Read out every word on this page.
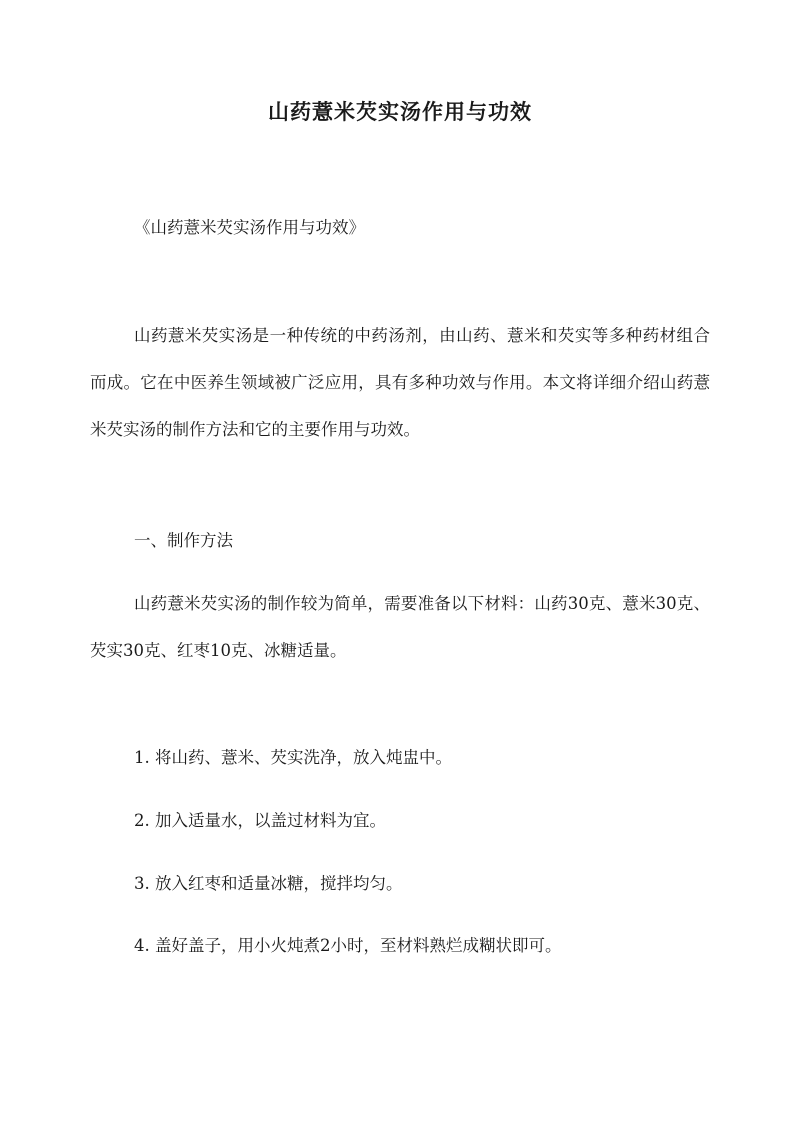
山药薏米芡实汤作用与功效
《山药薏米芡实汤作用与功效》
山药薏米芡实汤是一种传统的中药汤剂，由山药、薏米和芡实等多种药材组合而成。它在中医养生领域被广泛应用，具有多种功效与作用。本文将详细介绍山药薏米芡实汤的制作方法和它的主要作用与功效。
一、制作方法
山药薏米芡实汤的制作较为简单，需要准备以下材料：山药30克、薏米30克、芡实30克、红枣10克、冰糖适量。
1. 将山药、薏米、芡实洗净，放入炖盅中。
2. 加入适量水，以盖过材料为宜。
3. 放入红枣和适量冰糖，搅拌均匀。
4. 盖好盖子，用小火炖煮2小时，至材料熟烂成糊状即可。
